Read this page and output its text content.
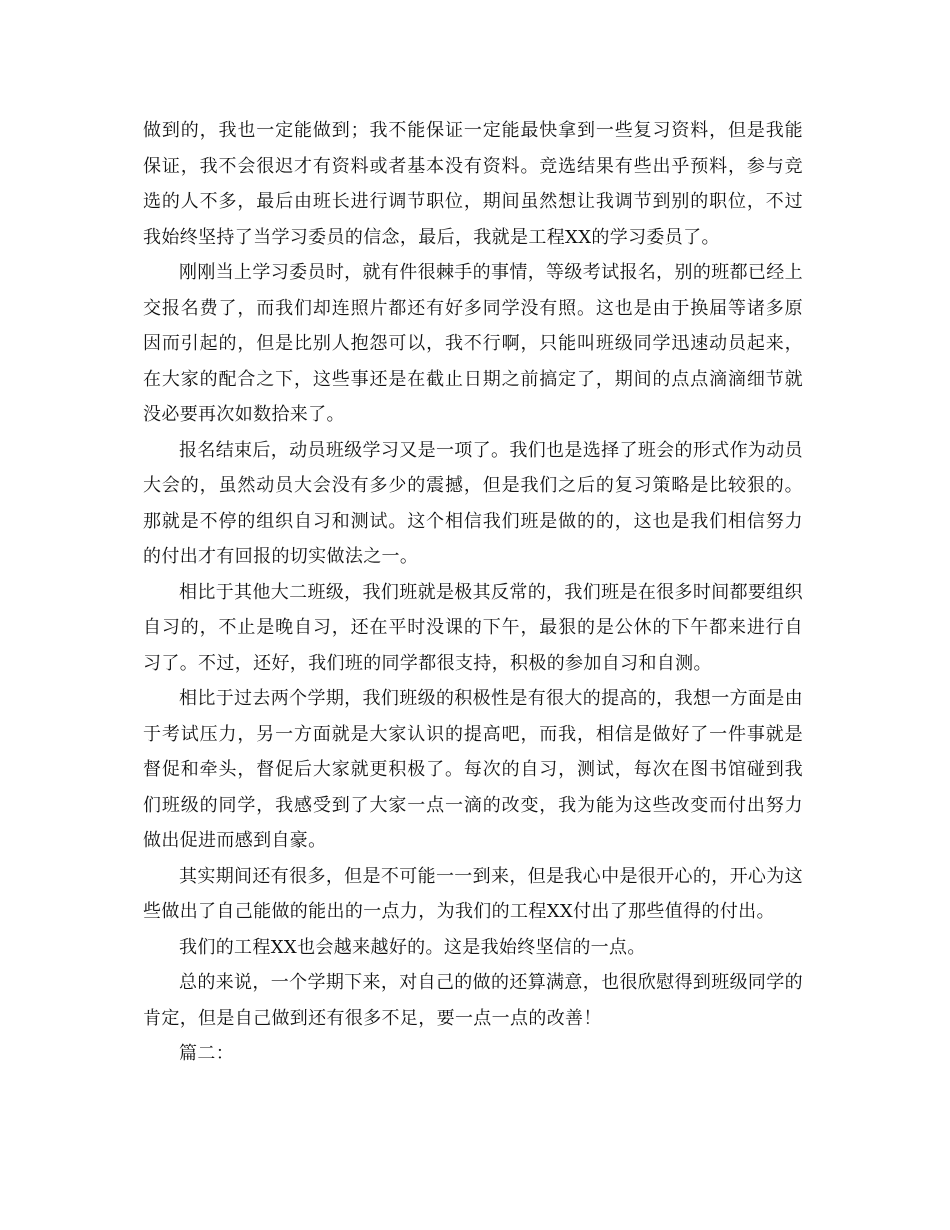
做到的，我也一定能做到；我不能保证一定能最快拿到一些复习资料，但是我能保证，我不会很迟才有资料或者基本没有资料。竞选结果有些出乎预料，参与竞选的人不多，最后由班长进行调节职位，期间虽然想让我调节到别的职位，不过我始终坚持了当学习委员的信念，最后，我就是工程XX的学习委员了。

刚刚当上学习委员时，就有件很棘手的事情，等级考试报名，别的班都已经上交报名费了，而我们却连照片都还有好多同学没有照。这也是由于换届等诸多原因而引起的，但是比别人抱怨可以，我不行啊，只能叫班级同学迅速动员起来，在大家的配合之下，这些事还是在截止日期之前搞定了，期间的点点滴滴细节就没必要再次如数拾来了。

报名结束后，动员班级学习又是一项了。我们也是选择了班会的形式作为动员大会的，虽然动员大会没有多少的震撼，但是我们之后的复习策略是比较狠的。那就是不停的组织自习和测试。这个相信我们班是做的的，这也是我们相信努力的付出才有回报的切实做法之一。

相比于其他大二班级，我们班就是极其反常的，我们班是在很多时间都要组织自习的，不止是晚自习，还在平时没课的下午，最狠的是公休的下午都来进行自习了。不过，还好，我们班的同学都很支持，积极的参加自习和自测。

相比于过去两个学期，我们班级的积极性是有很大的提高的，我想一方面是由于考试压力，另一方面就是大家认识的提高吧，而我，相信是做好了一件事就是督促和牵头，督促后大家就更积极了。每次的自习，测试，每次在图书馆碰到我们班级的同学，我感受到了大家一点一滴的改变，我为能为这些改变而付出努力做出促进而感到自豪。

其实期间还有很多，但是不可能一一到来，但是我心中是很开心的，开心为这些做出了自己能做的能出的一点力，为我们的工程XX付出了那些值得的付出。

我们的工程XX也会越来越好的。这是我始终坚信的一点。

总的来说，一个学期下来，对自己的做的还算满意，也很欣慰得到班级同学的肯定，但是自己做到还有很多不足，要一点一点的改善！

篇二：
